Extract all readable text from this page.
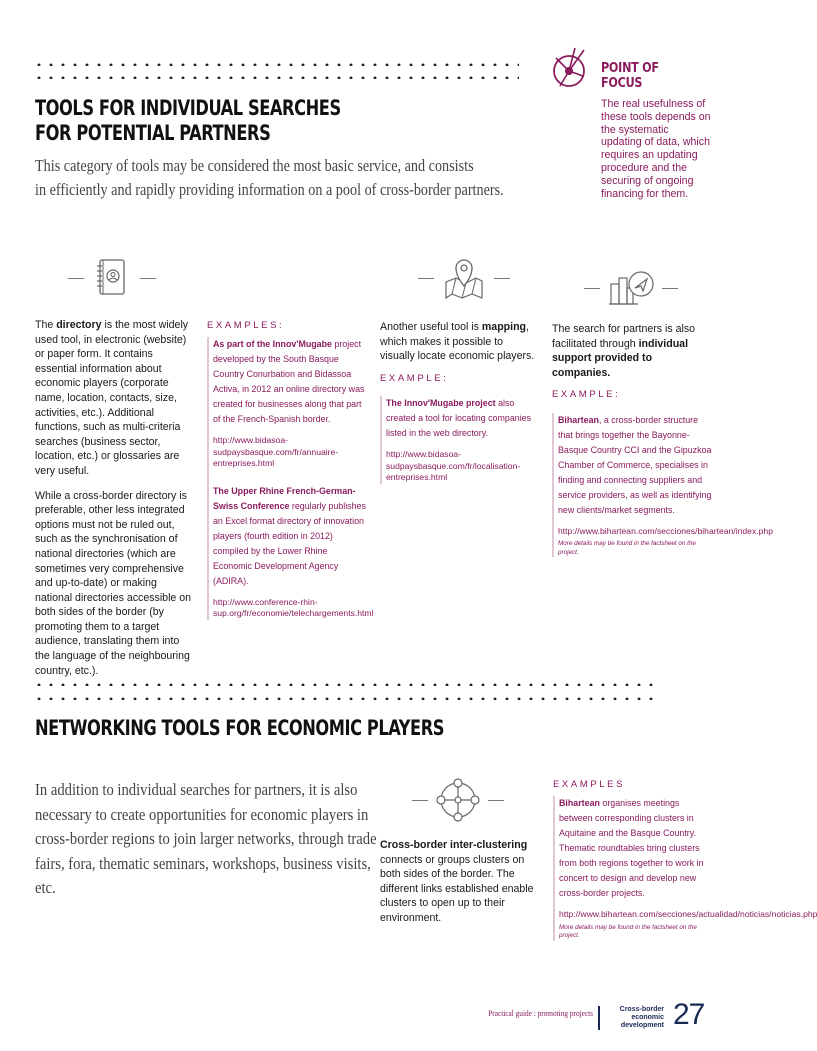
POINT OF
FOCUS
The real usefulness of these tools depends on the systematic updating of data, which requires an updating procedure and the securing of ongoing financing for them.
TOOLS FOR INDIVIDUAL SEARCHES
FOR POTENTIAL PARTNERS

This category of tools may be considered the most basic service, and consists

in efficiently and rapidly providing information on a pool of cross-border partners.

The directory is the most widely used tool, in electronic (website) or paper form. It contains essential information about economic players (corporate name, location, contacts, size, activities, etc.). Additional functions, such as multi-criteria searches (business sector, location, etc.) or glossaries are very useful.

While a cross-border directory is preferable, other less integrated options must not be ruled out, such as the synchronisation of national directories (which are sometimes very comprehensive and up-to-date) or making national directories accessible on both sides of the border (by promoting them to a target audience, translating them into the language of the neighbouring country, etc.).

EXAMPLES:

As part of the Innov'Mugabe project developed by the South Basque Country Conurbation and Bidassoa Activa, in 2012 an online directory was created for businesses along that part of the French-Spanish border.

http://www.bidasoa-sudpaysbasque.com/fr/annuaire-entreprises.html

The Upper Rhine French-German-Swiss Conference regularly publishes an Excel format directory of innovation players (fourth edition in 2012) compiled by the Lower Rhine Economic Development Agency (ADIRA).

http://www.conference-rhin-sup.org/fr/economie/telechargements.html

Another useful tool is mapping, which makes it possible to visually locate economic players.

EXAMPLE:

The Innov'Mugabe project also created a tool for locating companies listed in the web directory.

http://www.bidasoa-sudpaysbasque.com/fr/localisation-entreprises.html

The search for partners is also facilitated through individual support provided to companies.

EXAMPLE:

Bihartean, a cross-border structure that brings together the Bayonne-Basque Country CCI and the Gipuzkoa Chamber of Commerce, specialises in finding and connecting suppliers and service providers, as well as identifying new clients/market segments.

http://www.bihartean.com/secciones/bihartean/index.php

More details may be found in the factsheet on the project.

NETWORKING TOOLS FOR ECONOMIC PLAYERS

In addition to individual searches for partners, it is also necessary to create opportunities for economic players in cross-border regions to join larger networks, through trade fairs, fora, thematic seminars, workshops, business visits, etc.

Cross-border inter-clustering connects or groups clusters on both sides of the border. The different links established enable clusters to open up to their environment.

EXAMPLES

Bihartean organises meetings between corresponding clusters in Aquitaine and the Basque Country. Thematic roundtables bring clusters from both regions together to work in concert to design and develop new cross-border projects.

http://www.bihartean.com/secciones/actualidad/noticias/noticias.php

More details may be found in the factsheet on the project.

Practical guide : promoting projects	Cross-border
economic
development 27
